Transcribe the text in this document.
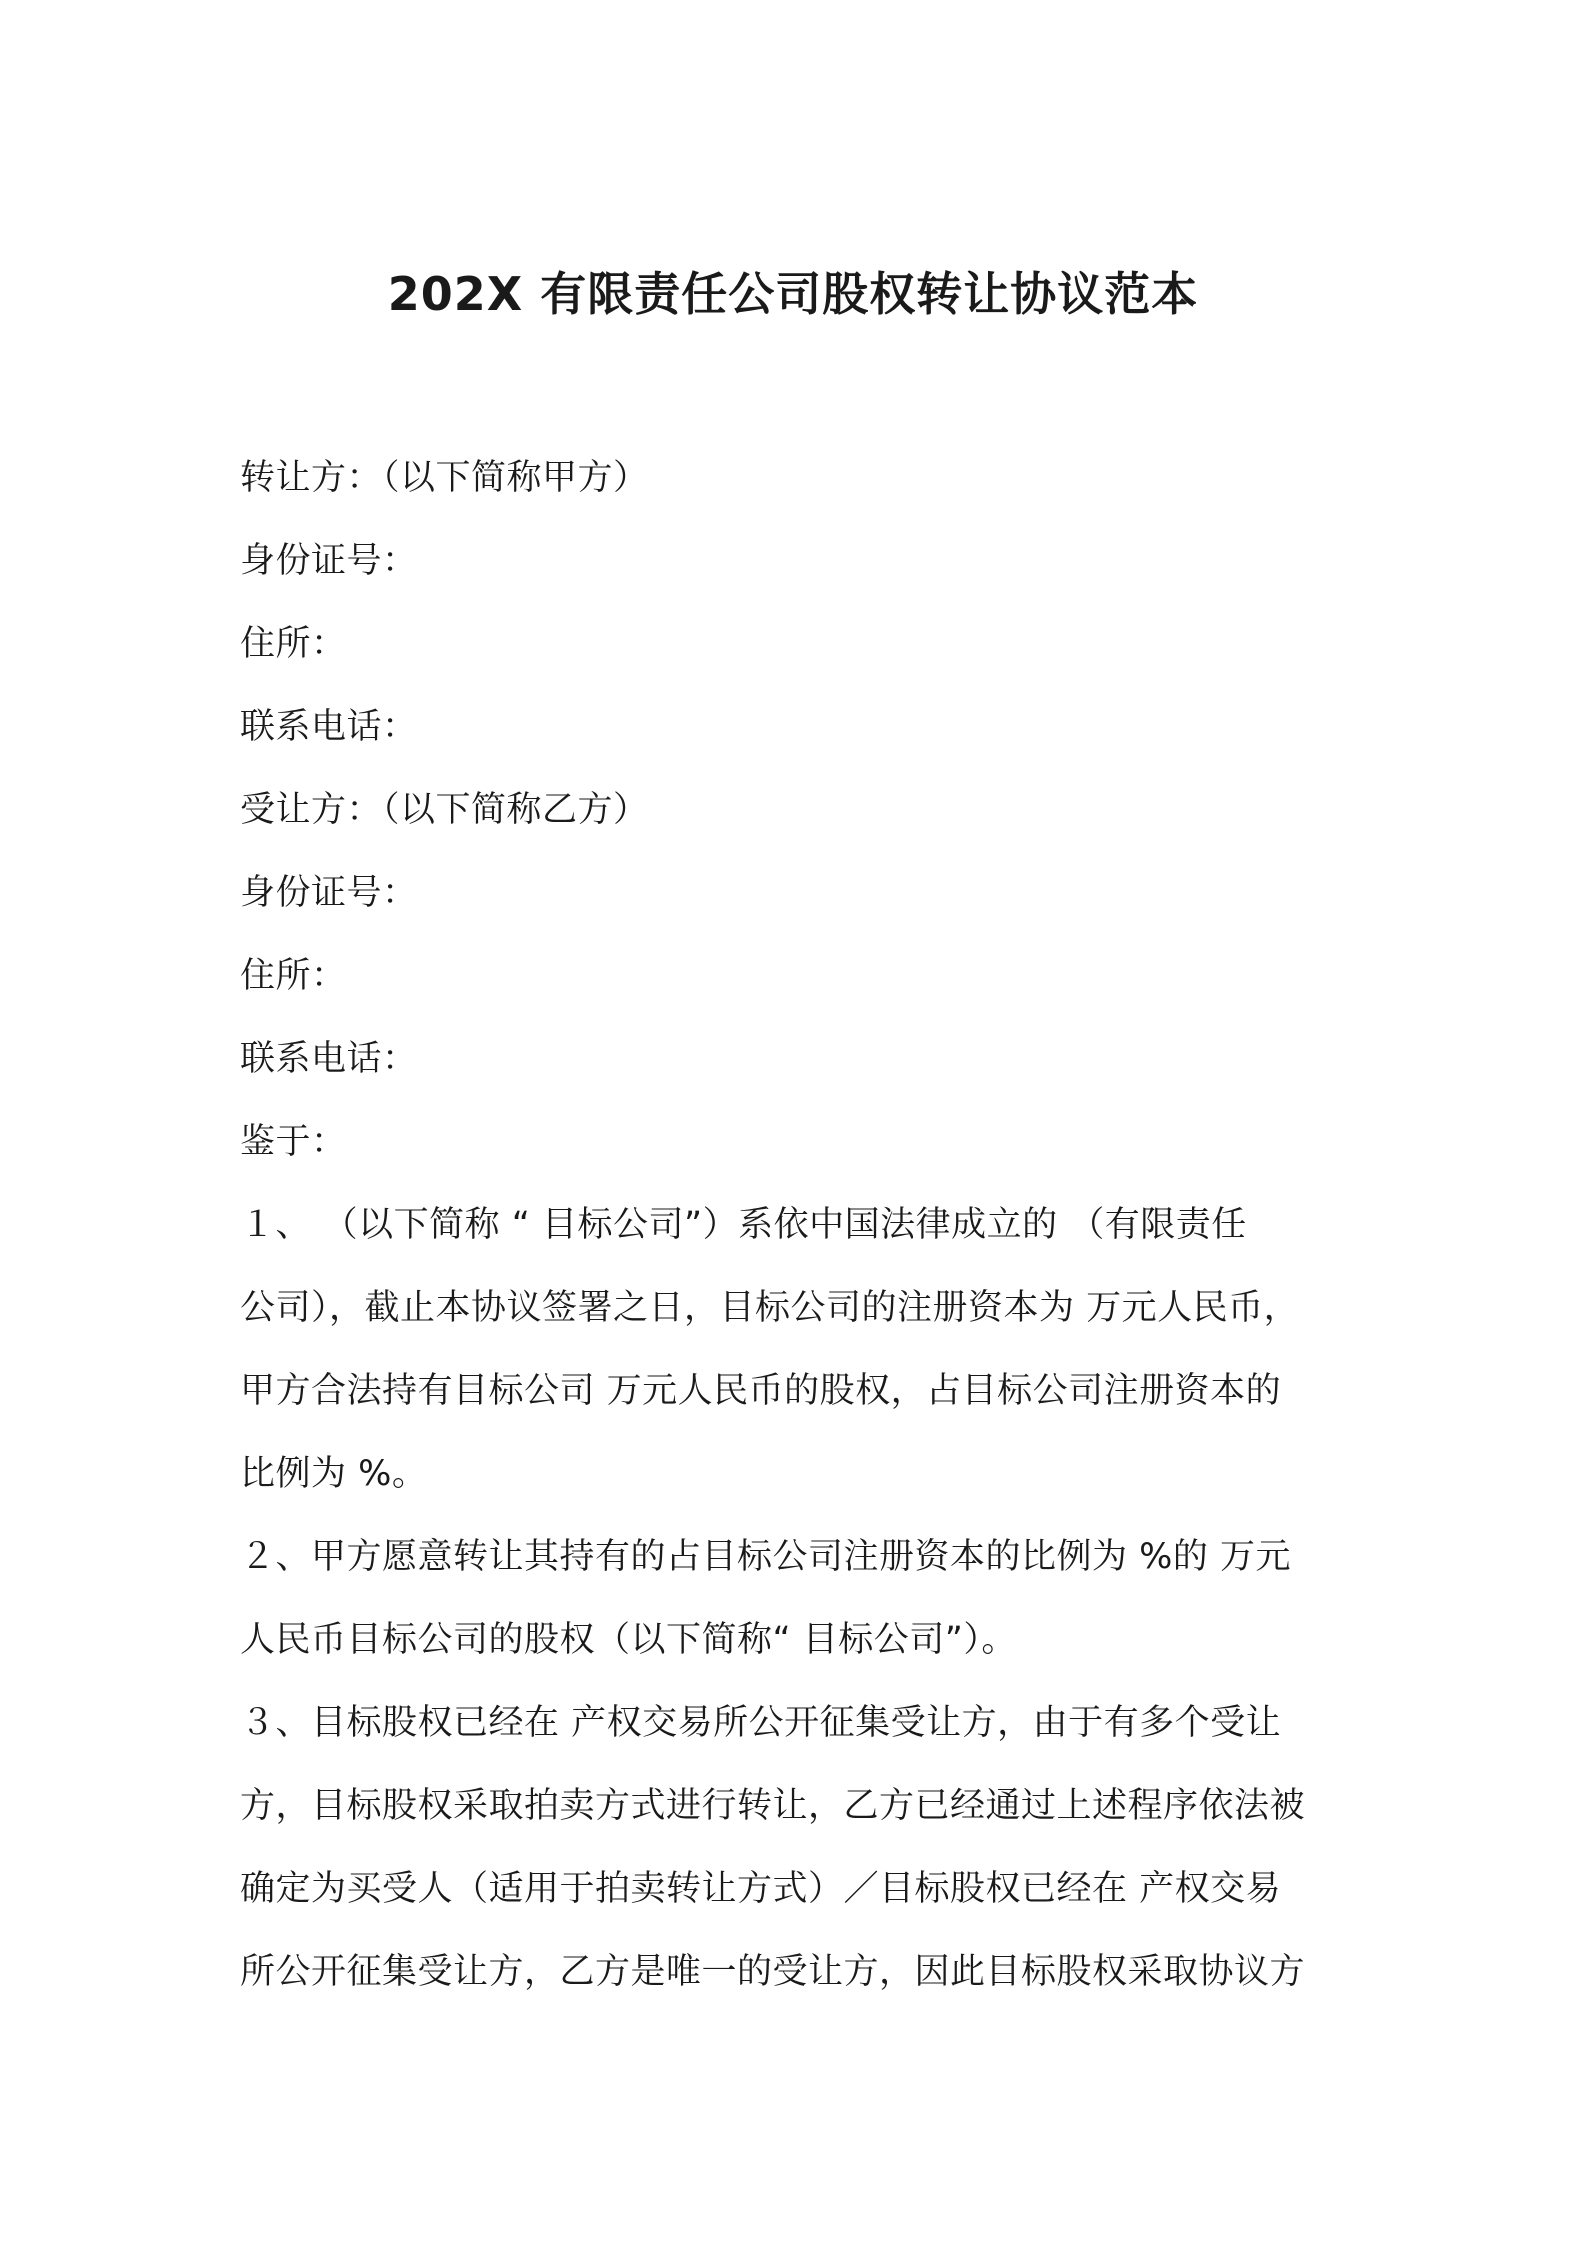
202X 有限责任公司股权转让协议范本
转让方：（以下简称甲方）
身份证号：
住所：
联系电话：
受让方：（以下简称乙方）
身份证号：
住所：
联系电话：
鉴于：
１、 （以下简称 “ 目标公司”）系依中国法律成立的 （有限责任
公司），截止本协议签署之日，目标公司的注册资本为 万元人民币，
甲方合法持有目标公司 万元人民币的股权，占目标公司注册资本的
比例为 %。
２、甲方愿意转让其持有的占目标公司注册资本的比例为 %的 万元
人民币目标公司的股权（以下简称“ 目标公司”）。
３、目标股权已经在 产权交易所公开征集受让方，由于有多个受让
方，目标股权采取拍卖方式进行转让，乙方已经通过上述程序依法被
确定为买受人（适用于拍卖转让方式）／目标股权已经在 产权交易
所公开征集受让方，乙方是唯一的受让方，因此目标股权采取协议方
